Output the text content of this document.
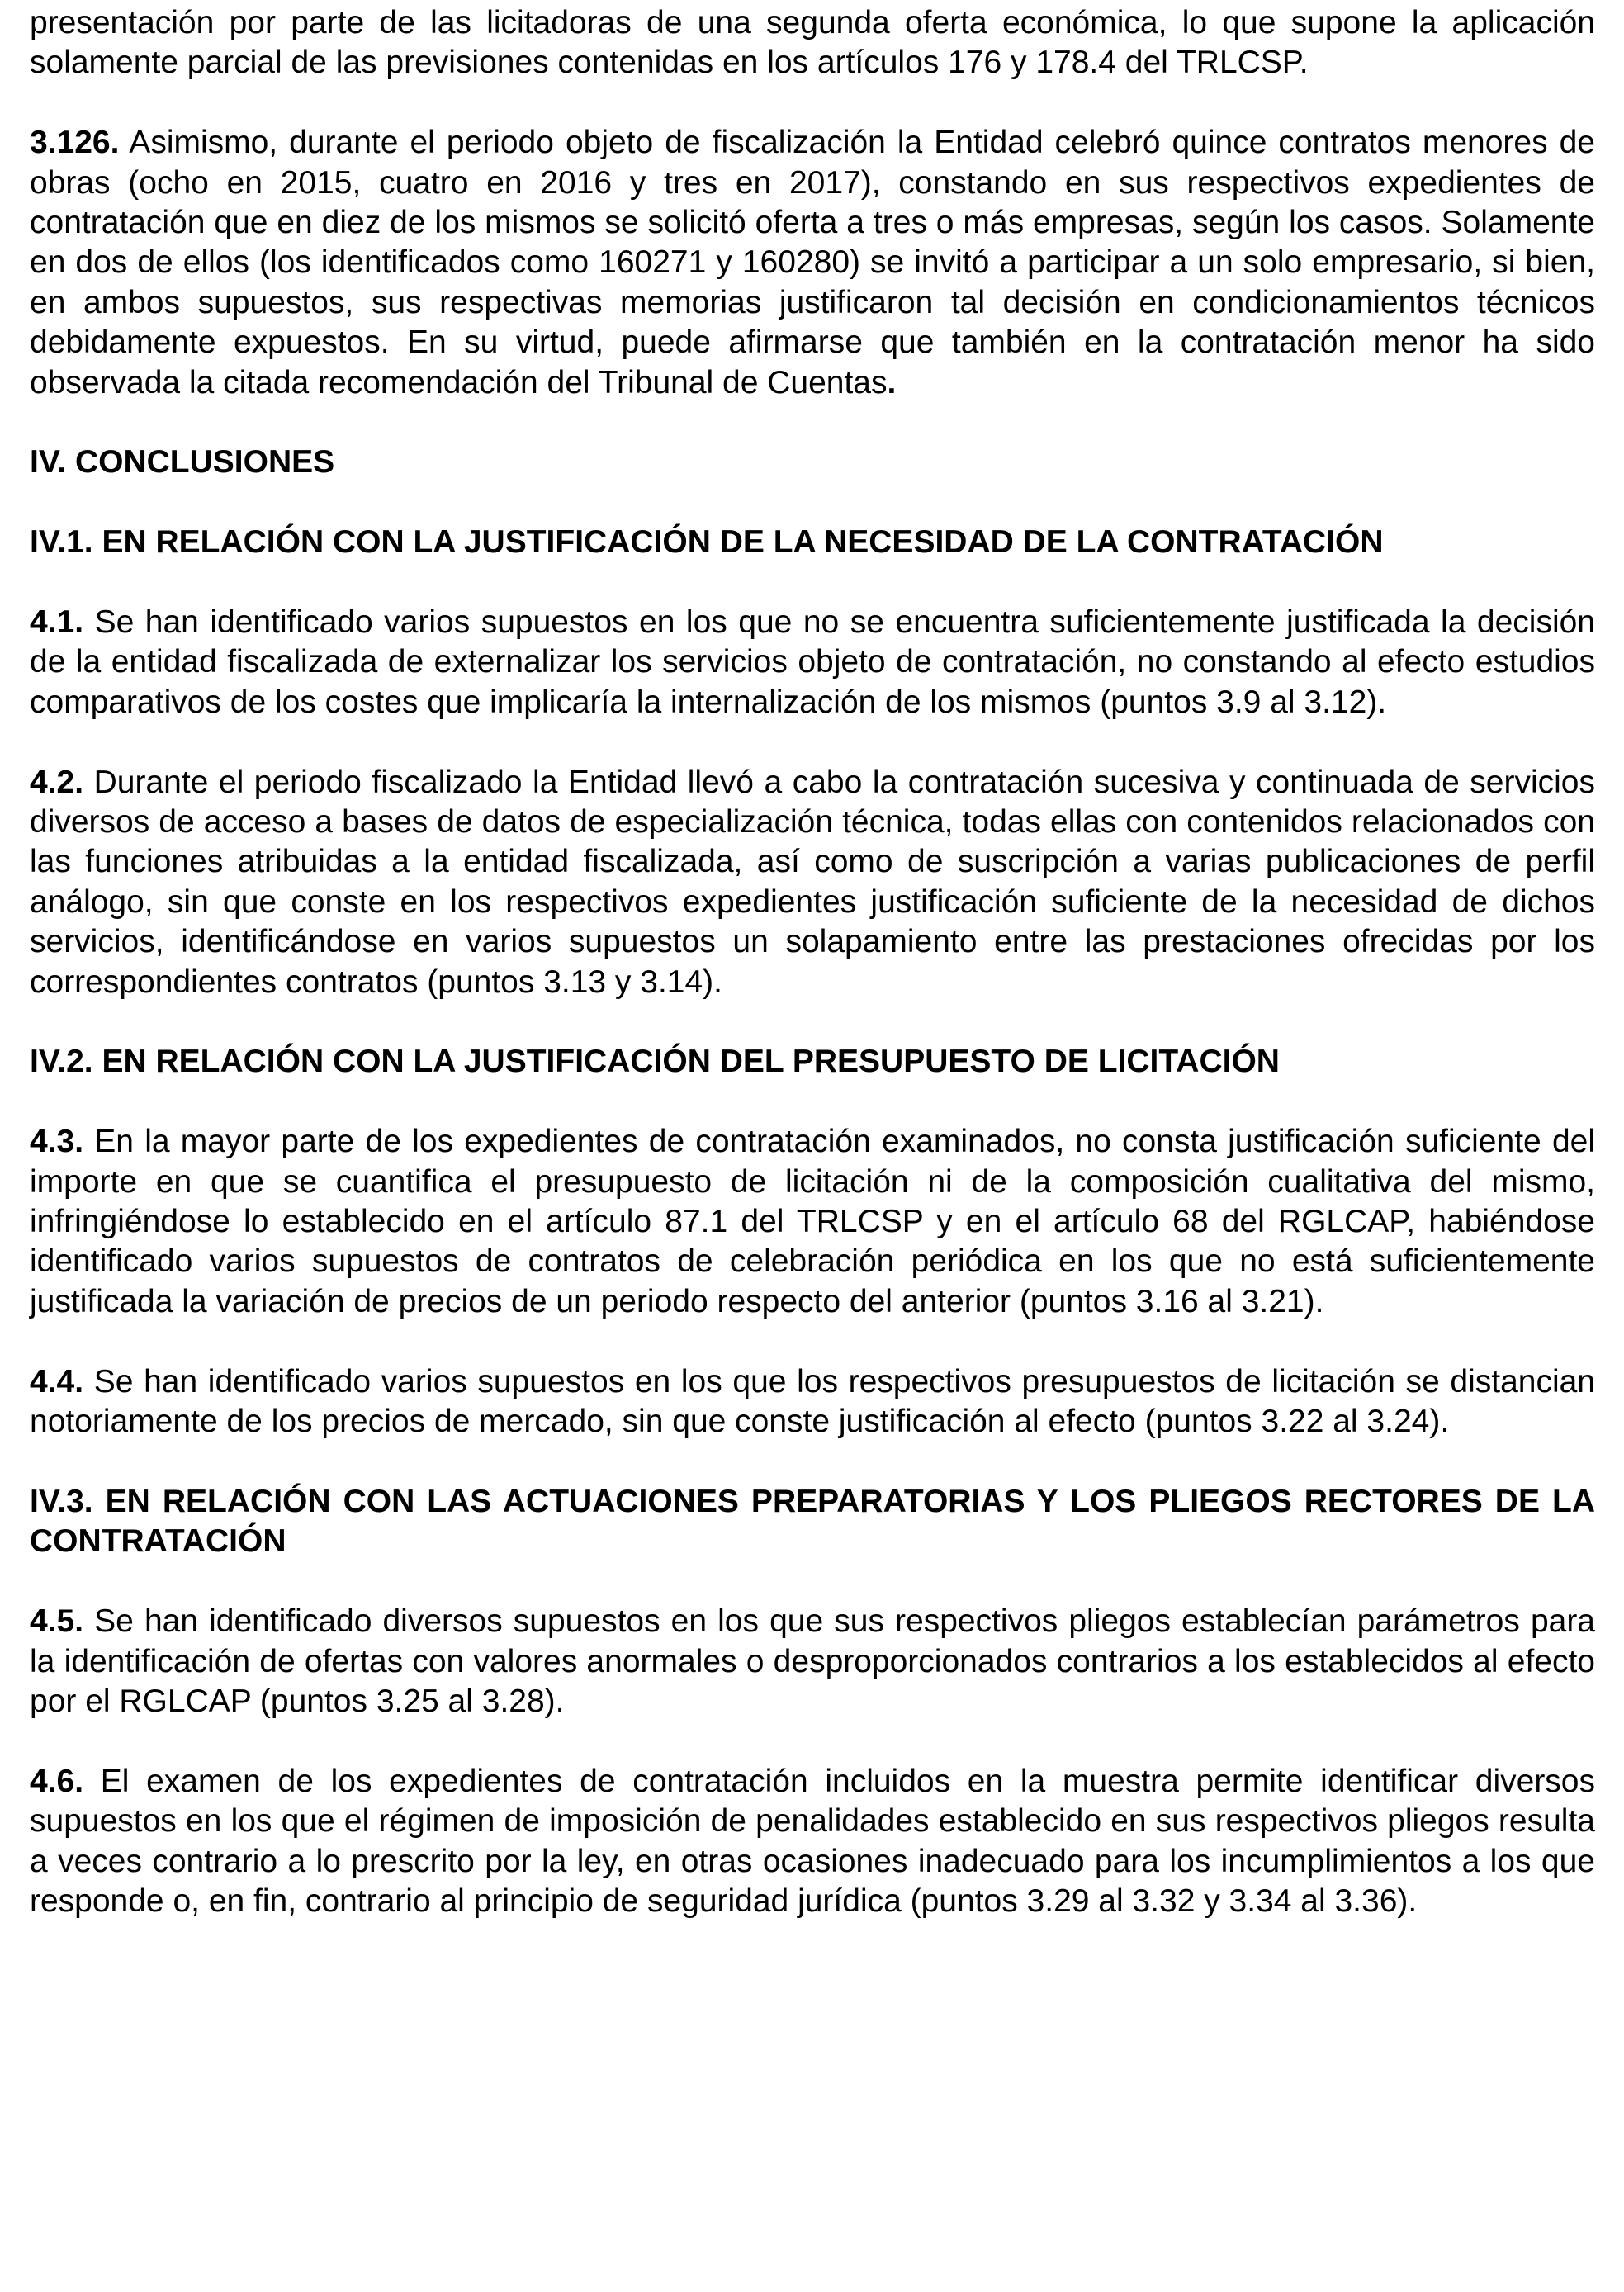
presentación por parte de las licitadoras de una segunda oferta económica, lo que supone la aplicación solamente parcial de las previsiones contenidas en los artículos 176 y 178.4 del TRLCSP.

3.126. Asimismo, durante el periodo objeto de fiscalización la Entidad celebró quince contratos menores de obras (ocho en 2015, cuatro en 2016 y tres en 2017), constando en sus respectivos expedientes de contratación que en diez de los mismos se solicitó oferta a tres o más empresas, según los casos. Solamente en dos de ellos (los identificados como 160271 y 160280) se invitó a participar a un solo empresario, si bien, en ambos supuestos, sus respectivas memorias justificaron tal decisión en condicionamientos técnicos debidamente expuestos. En su virtud, puede afirmarse que también en la contratación menor ha sido observada la citada recomendación del Tribunal de Cuentas.

IV. CONCLUSIONES

IV.1. EN RELACIÓN CON LA JUSTIFICACIÓN DE LA NECESIDAD DE LA CONTRATACIÓN

4.1. Se han identificado varios supuestos en los que no se encuentra suficientemente justificada la decisión de la entidad fiscalizada de externalizar los servicios objeto de contratación, no constando al efecto estudios comparativos de los costes que implicaría la internalización de los mismos (puntos 3.9 al 3.12).

4.2. Durante el periodo fiscalizado la Entidad llevó a cabo la contratación sucesiva y continuada de servicios diversos de acceso a bases de datos de especialización técnica, todas ellas con contenidos relacionados con las funciones atribuidas a la entidad fiscalizada, así como de suscripción a varias publicaciones de perfil análogo, sin que conste en los respectivos expedientes justificación suficiente de la necesidad de dichos servicios, identificándose en varios supuestos un solapamiento entre las prestaciones ofrecidas por los correspondientes contratos (puntos 3.13 y 3.14).

IV.2. EN RELACIÓN CON LA JUSTIFICACIÓN DEL PRESUPUESTO DE LICITACIÓN

4.3. En la mayor parte de los expedientes de contratación examinados, no consta justificación suficiente del importe en que se cuantifica el presupuesto de licitación ni de la composición cualitativa del mismo, infringiéndose lo establecido en el artículo 87.1 del TRLCSP y en el artículo 68 del RGLCAP, habiéndose identificado varios supuestos de contratos de celebración periódica en los que no está suficientemente justificada la variación de precios de un periodo respecto del anterior (puntos 3.16 al 3.21).

4.4. Se han identificado varios supuestos en los que los respectivos presupuestos de licitación se distancian notoriamente de los precios de mercado, sin que conste justificación al efecto (puntos 3.22 al 3.24).

IV.3. EN RELACIÓN CON LAS ACTUACIONES PREPARATORIAS Y LOS PLIEGOS RECTORES DE LA CONTRATACIÓN

4.5. Se han identificado diversos supuestos en los que sus respectivos pliegos establecían parámetros para la identificación de ofertas con valores anormales o desproporcionados contrarios a los establecidos al efecto por el RGLCAP (puntos 3.25 al 3.28).

4.6. El examen de los expedientes de contratación incluidos en la muestra permite identificar diversos supuestos en los que el régimen de imposición de penalidades establecido en sus respectivos pliegos resulta a veces contrario a lo prescrito por la ley, en otras ocasiones inadecuado para los incumplimientos a los que responde o, en fin, contrario al principio de seguridad jurídica (puntos 3.29 al 3.32 y 3.34 al 3.36).
